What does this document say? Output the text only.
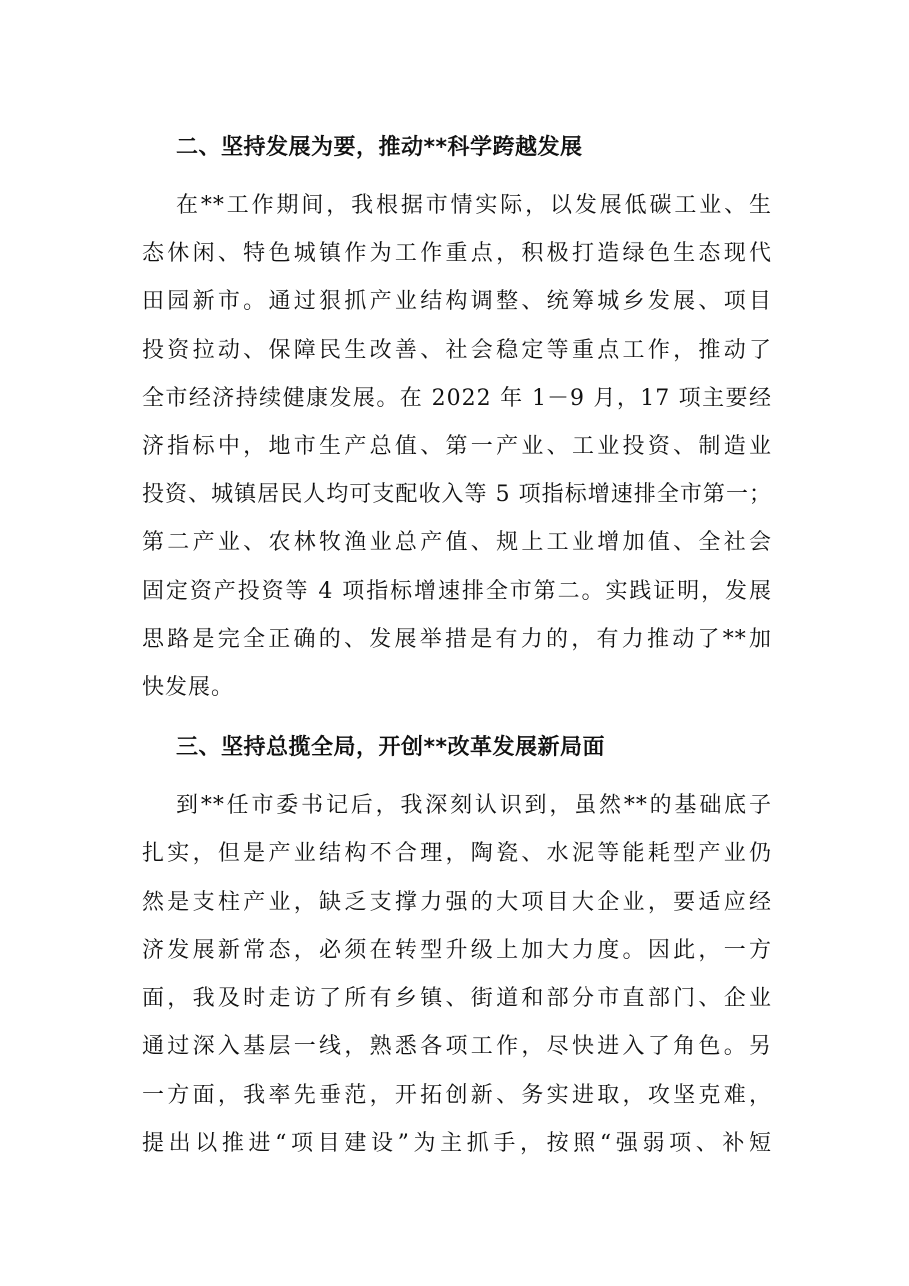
二、坚持发展为要，推动**科学跨越发展
在**工作期间，我根据市情实际，以发展低碳工业、生
态休闲、特色城镇作为工作重点，积极打造绿色生态现代
田园新市。通过狠抓产业结构调整、统筹城乡发展、项目
投资拉动、保障民生改善、社会稳定等重点工作，推动了
全市经济持续健康发展。在 2022 年 1－9 月，17 项主要经
济指标中，地市生产总值、第一产业、工业投资、制造业
投资、城镇居民人均可支配收入等 5 项指标增速排全市第一；
第二产业、农林牧渔业总产值、规上工业增加值、全社会
固定资产投资等 4 项指标增速排全市第二。实践证明，发展
思路是完全正确的、发展举措是有力的，有力推动了**加
快发展。
三、坚持总揽全局，开创**改革发展新局面
到**任市委书记后，我深刻认识到，虽然**的基础底子
扎实，但是产业结构不合理，陶瓷、水泥等能耗型产业仍
然是支柱产业，缺乏支撑力强的大项目大企业，要适应经
济发展新常态，必须在转型升级上加大力度。因此，一方
面，我及时走访了所有乡镇、街道和部分市直部门、企业
通过深入基层一线，熟悉各项工作，尽快进入了角色。另
一方面，我率先垂范，开拓创新、务实进取，攻坚克难，
提出以推进“项目建设”为主抓手，按照“强弱项、补短
